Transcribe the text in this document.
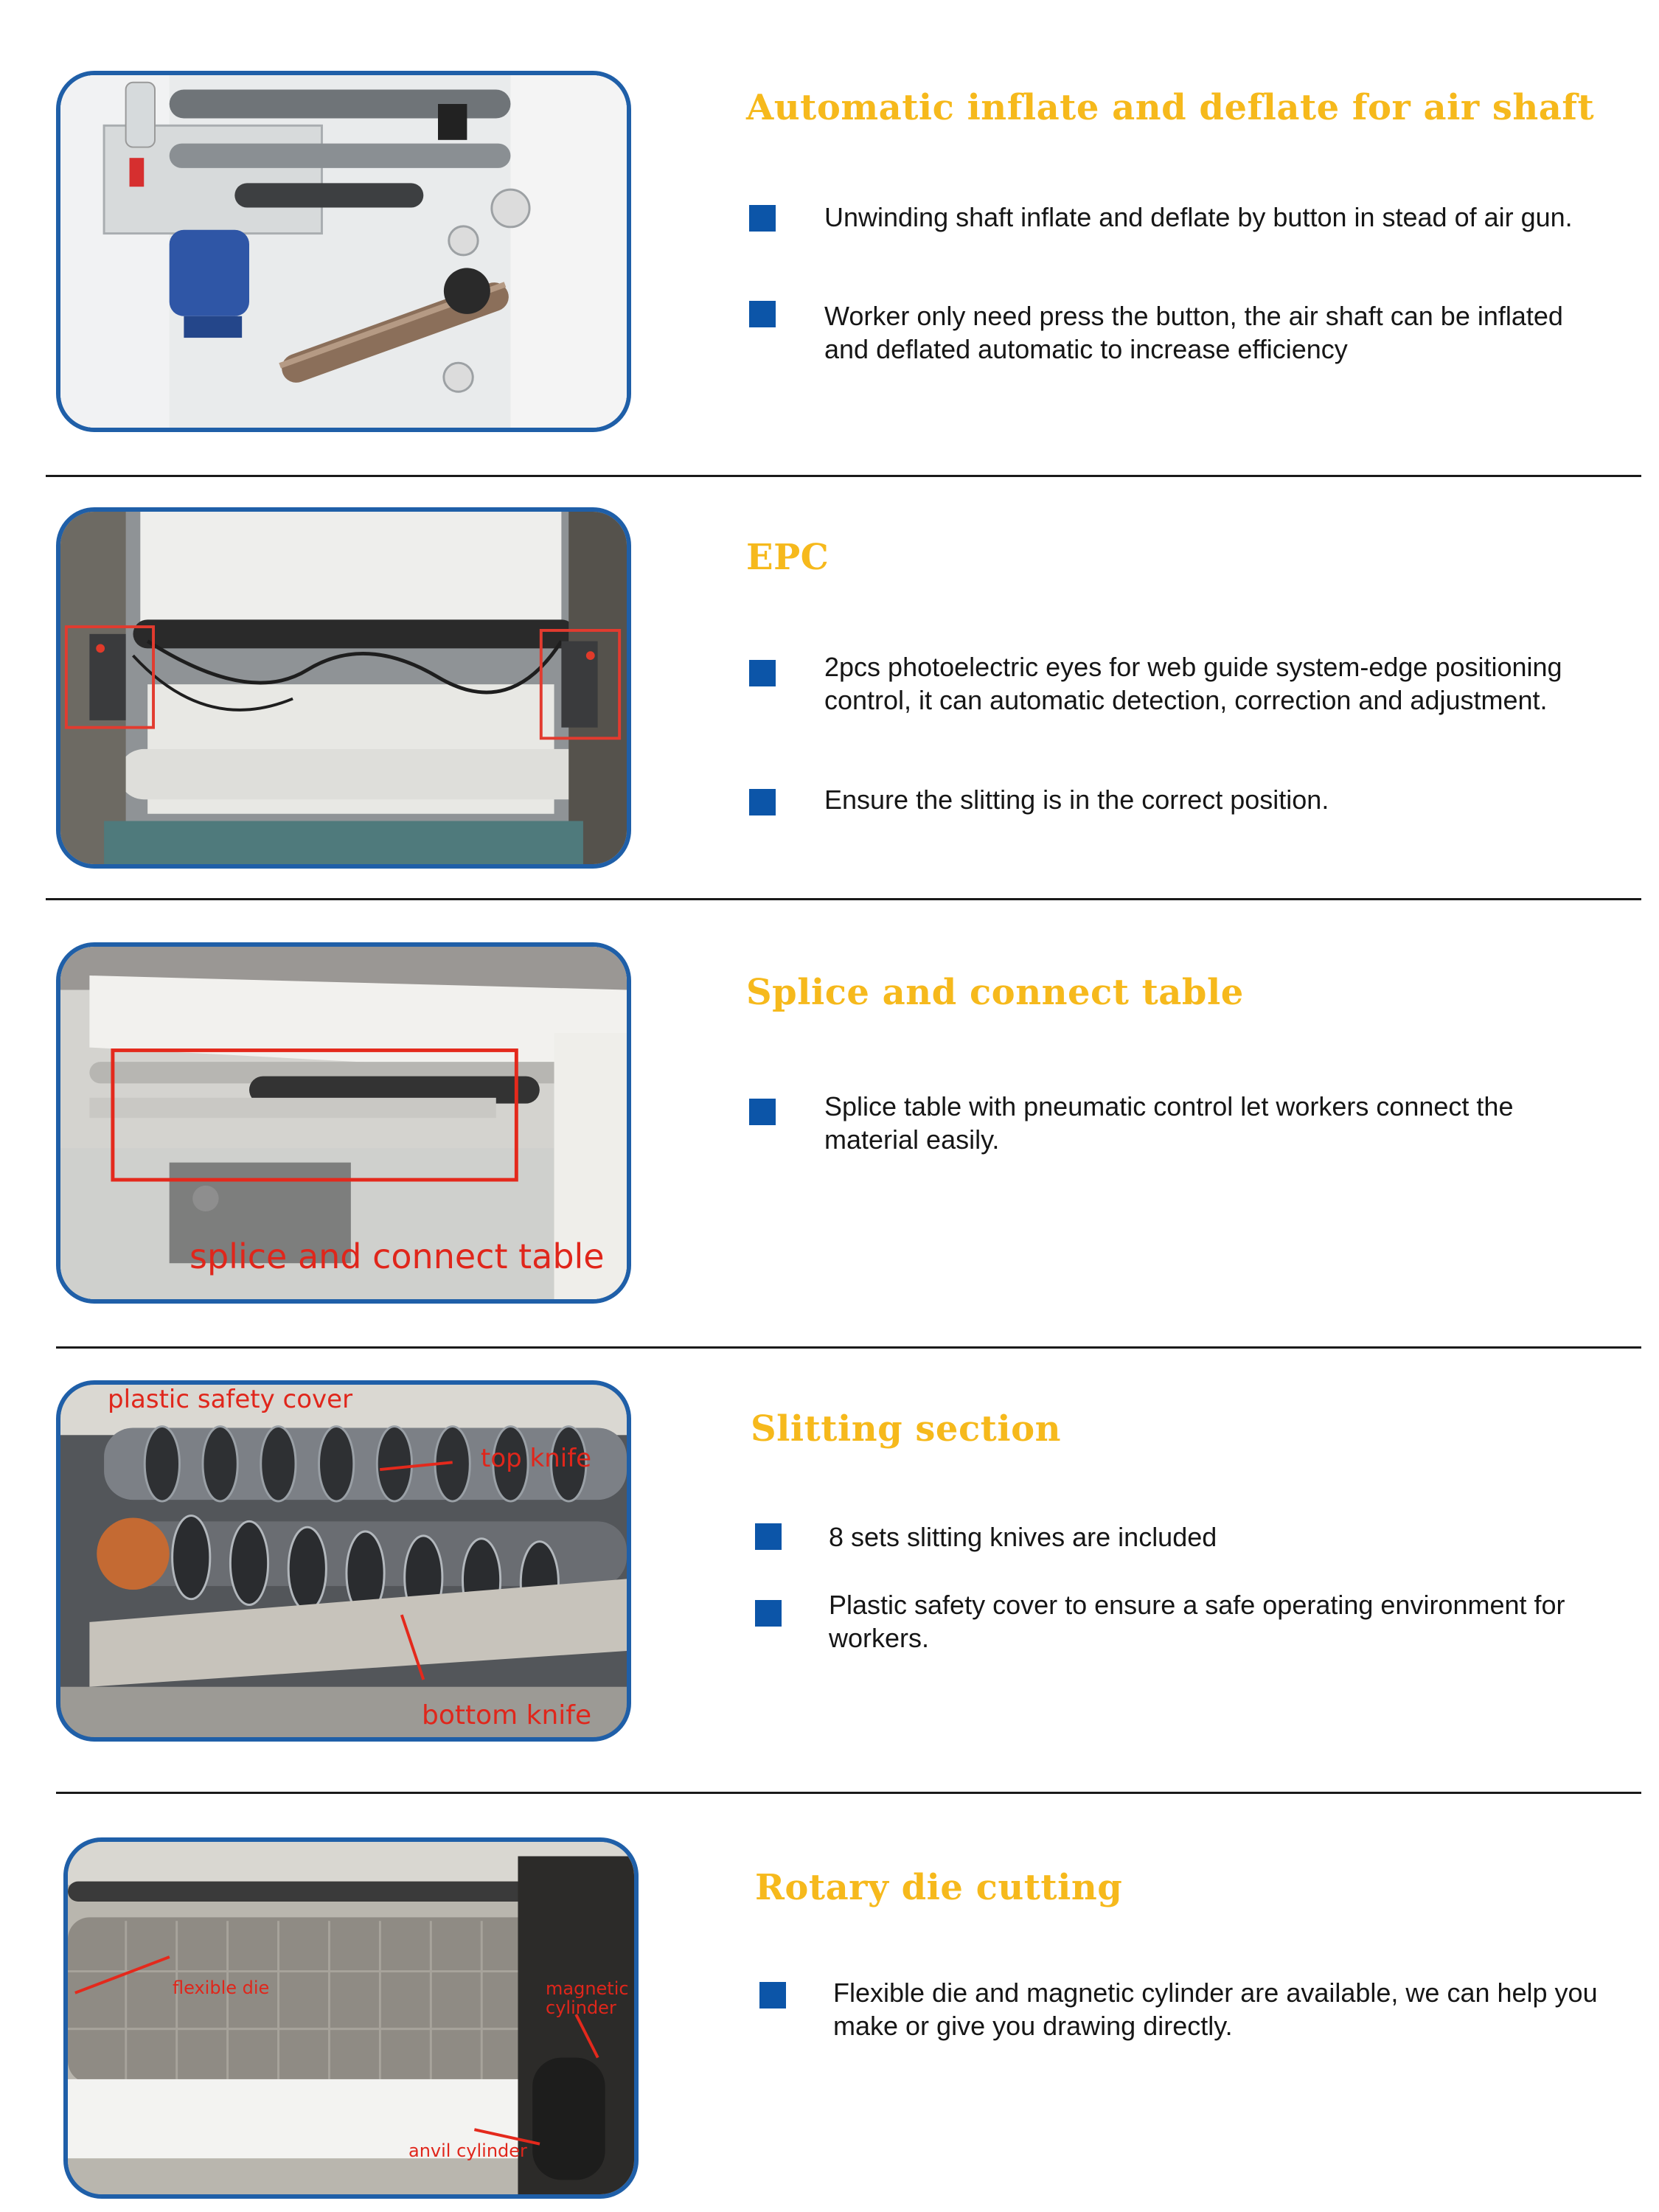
Automatic inflate and deflate for air shaft

Unwinding shaft inflate and deflate by button in stead of air gun.

Worker only need press the button, the air shaft can be inflated and deflated automatic to increase efficiency

EPC

2pcs photoelectric eyes for web guide system-edge positioning control, it can automatic detection, correction and adjustment.

Ensure the slitting is in the correct position.

splice and connect table
Splice and connect table

Splice table with pneumatic control let workers connect the material easily.

plastic safety cover
top knife
bottom knife
Slitting section

8 sets slitting knives are included

Plastic safety cover to ensure a safe operating environment for workers.

flexible die	magnetic cylinder
anvil cylinder
Rotary die cutting

Flexible die and magnetic cylinder are available, we can help you make or give you drawing directly.
